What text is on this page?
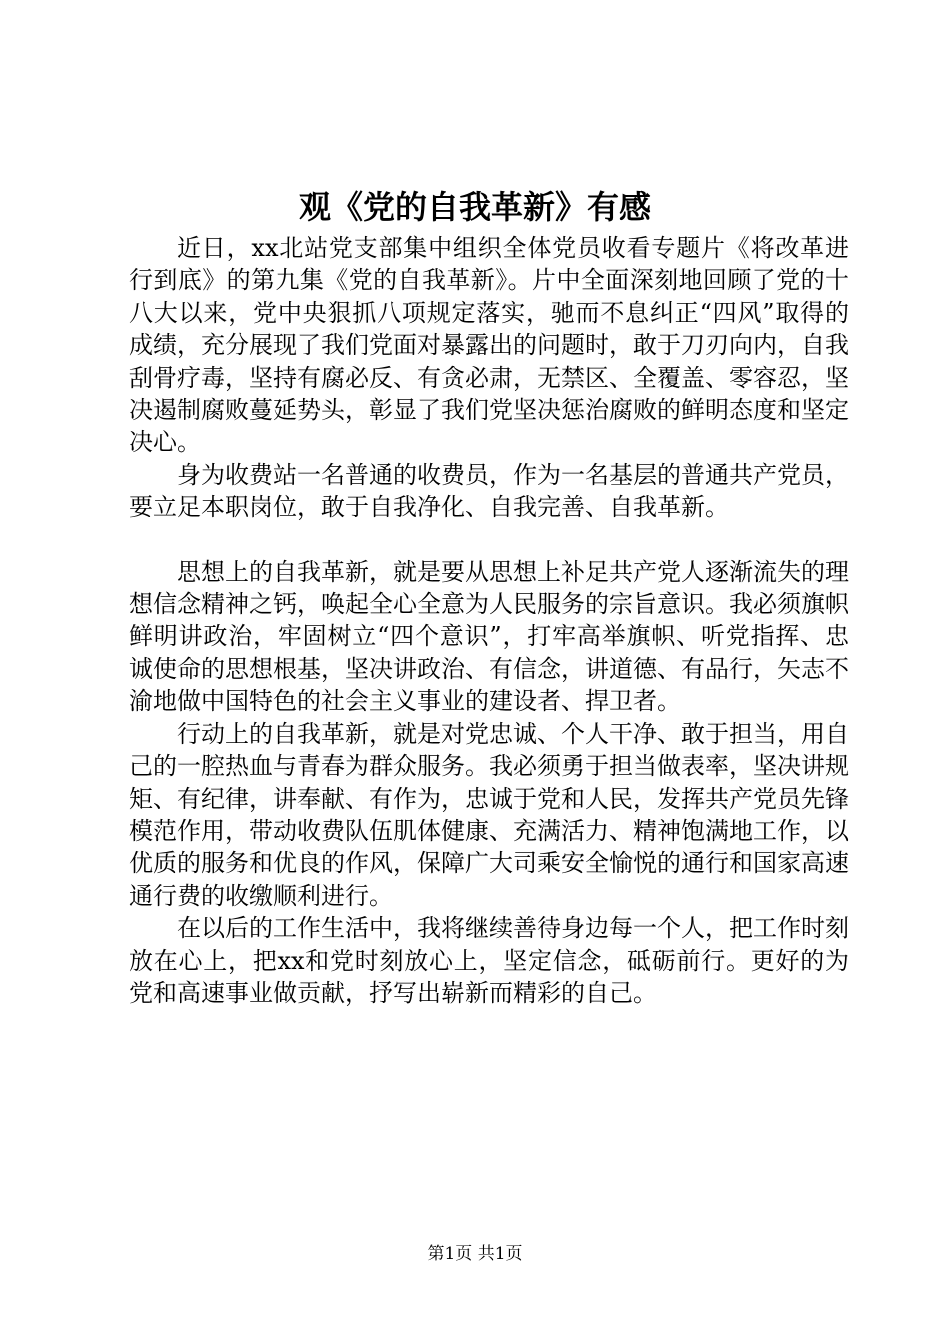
观《党的自我革新》有感

近日，xx北站党支部集中组织全体党员收看专题片《将改革进行到底》的第九集《党的自我革新》。片中全面深刻地回顾了党的十八大以来，党中央狠抓八项规定落实，驰而不息纠正“四风”取得的成绩，充分展现了我们党面对暴露出的问题时，敢于刀刃向内，自我刮骨疗毒，坚持有腐必反、有贪必肃，无禁区、全覆盖、零容忍，坚决遏制腐败蔓延势头，彰显了我们党坚决惩治腐败的鲜明态度和坚定决心。

身为收费站一名普通的收费员，作为一名基层的普通共产党员，要立足本职岗位，敢于自我净化、自我完善、自我革新。

思想上的自我革新，就是要从思想上补足共产党人逐渐流失的理想信念精神之钙，唤起全心全意为人民服务的宗旨意识。我必须旗帜鲜明讲政治，牢固树立“四个意识”，打牢高举旗帜、听党指挥、忠诚使命的思想根基，坚决讲政治、有信念，讲道德、有品行，矢志不渝地做中国特色的社会主义事业的建设者、捍卫者。

行动上的自我革新，就是对党忠诚、个人干净、敢于担当，用自己的一腔热血与青春为群众服务。我必须勇于担当做表率，坚决讲规矩、有纪律，讲奉献、有作为，忠诚于党和人民，发挥共产党员先锋模范作用，带动收费队伍肌体健康、充满活力、精神饱满地工作，以优质的服务和优良的作风，保障广大司乘安全愉悦的通行和国家高速通行费的收缴顺利进行。

在以后的工作生活中，我将继续善待身边每一个人，把工作时刻放在心上，把xx和党时刻放心上，坚定信念，砥砺前行。更好的为党和高速事业做贡献，抒写出崭新而精彩的自己。

第1页 共1页
